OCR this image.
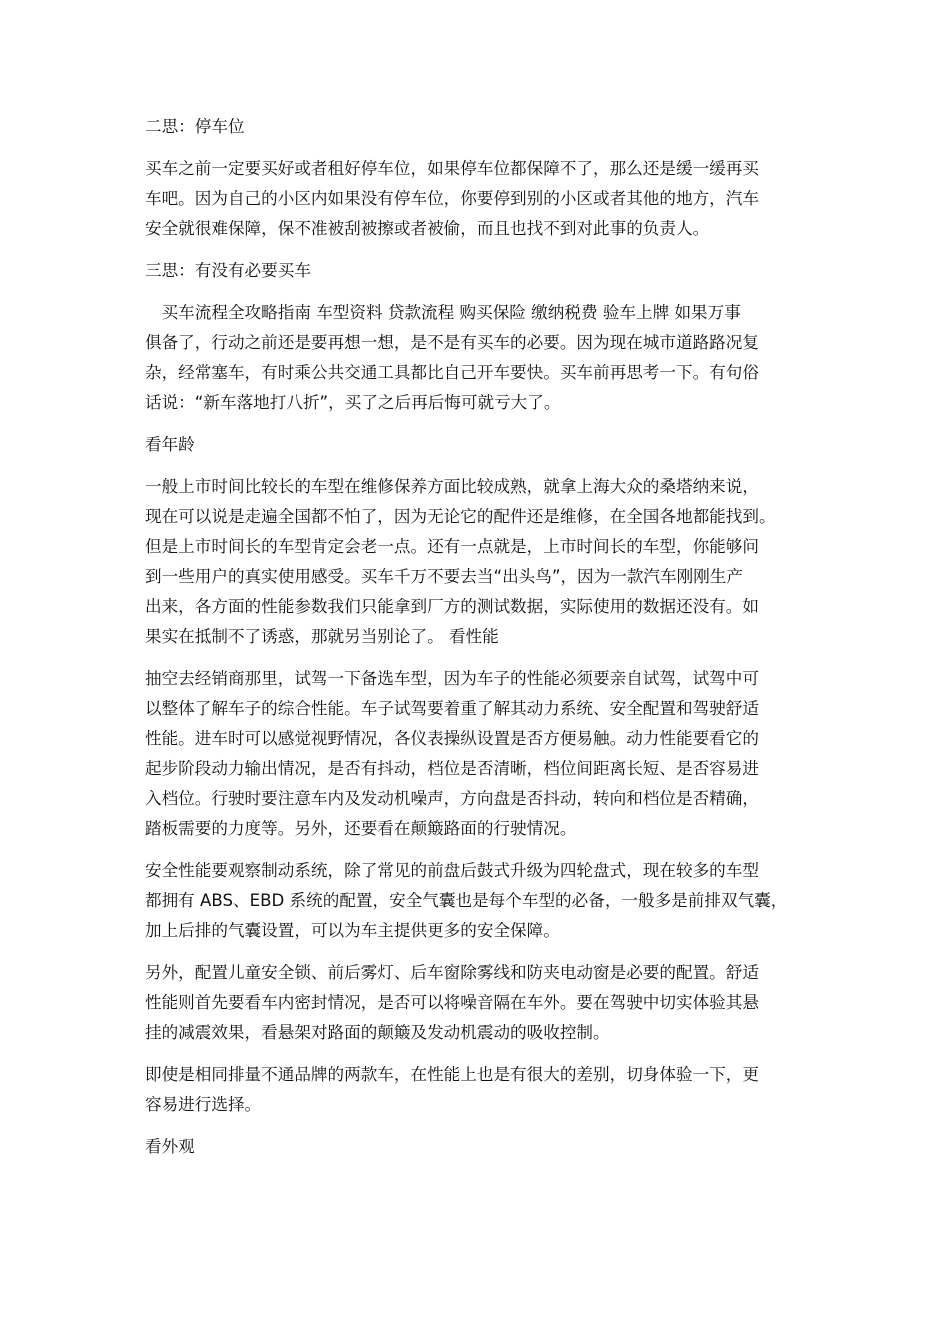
二思：停车位
买车之前一定要买好或者租好停车位，如果停车位都保障不了，那么还是缓一缓再买
车吧。因为自己的小区内如果没有停车位，你要停到别的小区或者其他的地方，汽车
安全就很难保障，保不准被刮被擦或者被偷，而且也找不到对此事的负责人。
三思：有没有必要买车
　买车流程全攻略指南 车型资料 贷款流程 购买保险 缴纳税费 验车上牌 如果万事
俱备了，行动之前还是要再想一想，是不是有买车的必要。因为现在城市道路路况复
杂，经常塞车，有时乘公共交通工具都比自己开车要快。买车前再思考一下。有句俗
话说：“新车落地打八折”，买了之后再后悔可就亏大了。
看年龄
一般上市时间比较长的车型在维修保养方面比较成熟，就拿上海大众的桑塔纳来说，
现在可以说是走遍全国都不怕了，因为无论它的配件还是维修，在全国各地都能找到。
但是上市时间长的车型肯定会老一点。还有一点就是，上市时间长的车型，你能够问
到一些用户的真实使用感受。买车千万不要去当“出头鸟”，因为一款汽车刚刚生产
出来，各方面的性能参数我们只能拿到厂方的测试数据，实际使用的数据还没有。如
果实在抵制不了诱惑，那就另当别论了。 看性能
抽空去经销商那里，试驾一下备选车型，因为车子的性能必须要亲自试驾，试驾中可
以整体了解车子的综合性能。车子试驾要着重了解其动力系统、安全配置和驾驶舒适
性能。进车时可以感觉视野情况，各仪表操纵设置是否方便易触。动力性能要看它的
起步阶段动力输出情况，是否有抖动，档位是否清晰，档位间距离长短、是否容易进
入档位。行驶时要注意车内及发动机噪声，方向盘是否抖动，转向和档位是否精确，
踏板需要的力度等。另外，还要看在颠簸路面的行驶情况。
安全性能要观察制动系统，除了常见的前盘后鼓式升级为四轮盘式，现在较多的车型
都拥有 ABS、EBD 系统的配置，安全气囊也是每个车型的必备，一般多是前排双气囊，
加上后排的气囊设置，可以为车主提供更多的安全保障。
另外，配置儿童安全锁、前后雾灯、后车窗除雾线和防夹电动窗是必要的配置。舒适
性能则首先要看车内密封情况，是否可以将噪音隔在车外。要在驾驶中切实体验其悬
挂的减震效果，看悬架对路面的颠簸及发动机震动的吸收控制。
即使是相同排量不通品牌的两款车，在性能上也是有很大的差别，切身体验一下，更
容易进行选择。
看外观
